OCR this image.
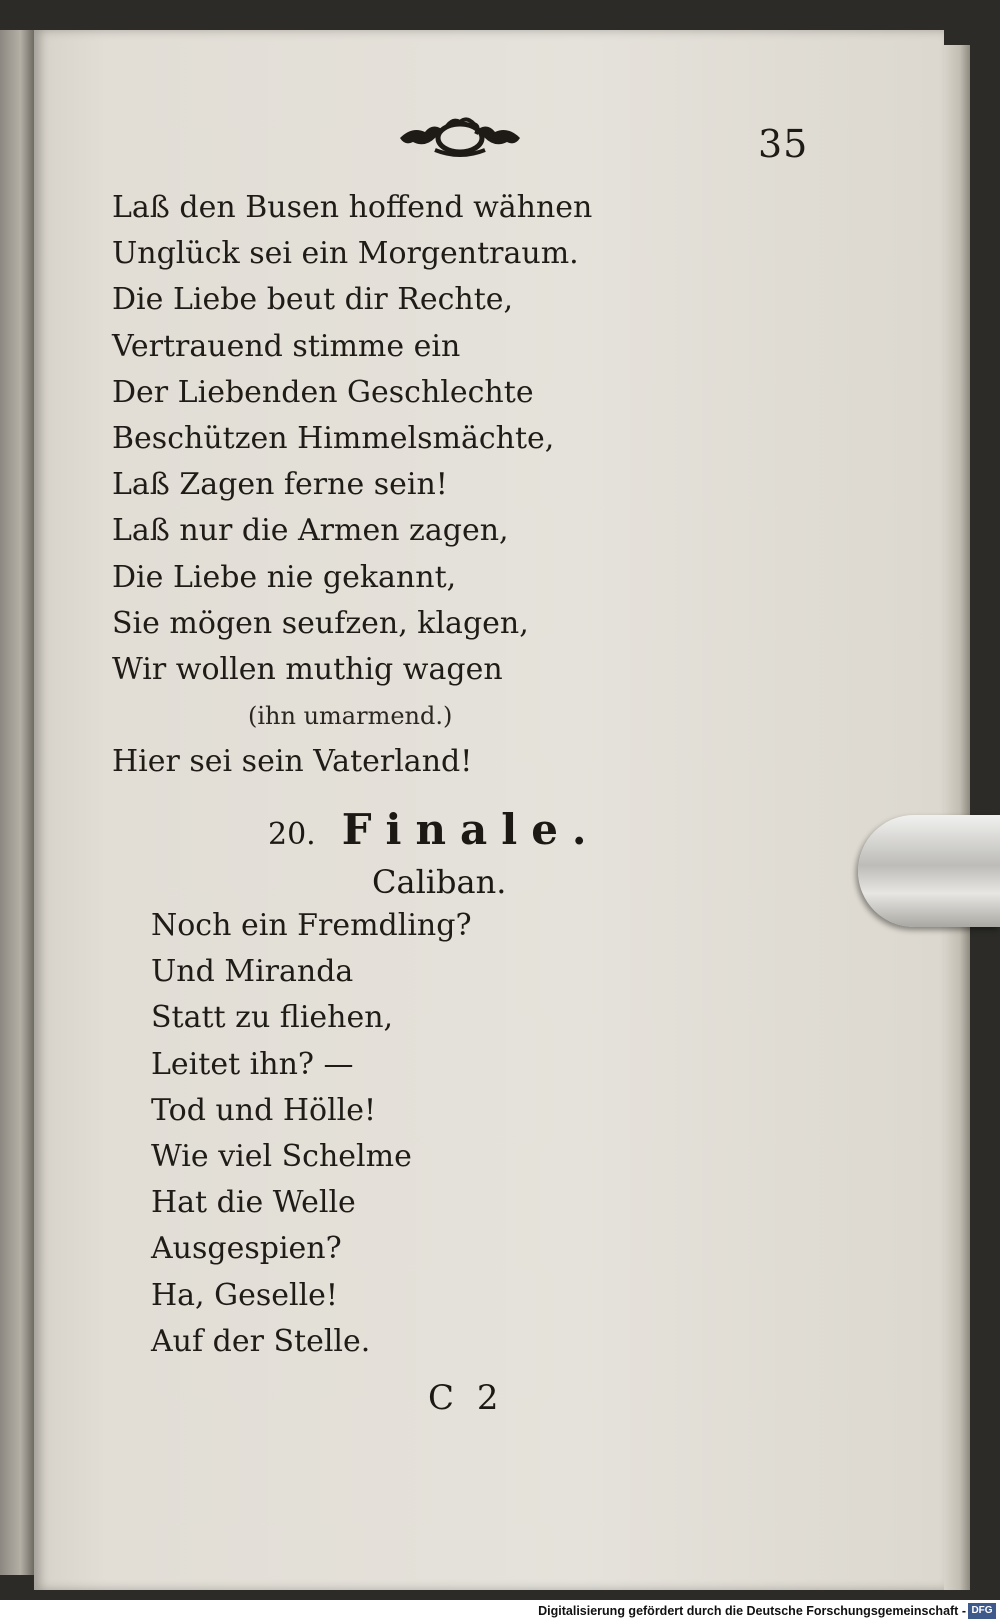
35
Laß den Busen hoffend wähnen
Unglück sei ein Morgentraum.
Die Liebe beut dir Rechte,
Vertrauend stimme ein
Der Liebenden Geschlechte
Beschützen Himmelsmächte,
Laß Zagen ferne sein!
Laß nur die Armen zagen,
Die Liebe nie gekannt,
Sie mögen seufzen, klagen,
Wir wollen muthig wagen
(ihn umarmend.)
Hier sei sein Vaterland!
20. Finale.
Caliban.
Noch ein Fremdling?
Und Miranda
Statt zu fliehen,
Leitet ihn? —
Tod und Hölle!
Wie viel Schelme
Hat die Welle
Ausgespien?
Ha, Geselle!
Auf der Stelle.
C 2
Digitalisierung gefördert durch die Deutsche Forschungsgemeinschaft - DFG
